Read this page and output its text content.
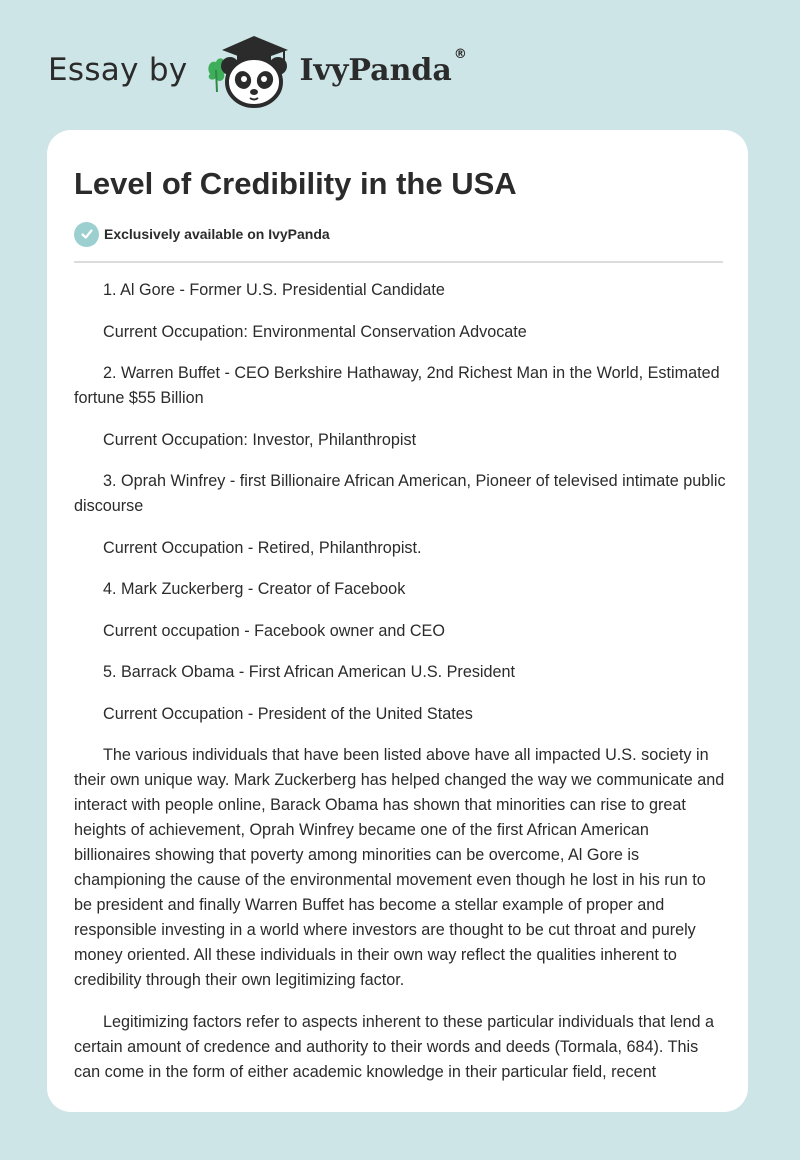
Essay by	IvyPanda ®
Level of Credibility in the USA
Exclusively available on IvyPanda

1. Al Gore - Former U.S. Presidential Candidate

Current Occupation: Environmental Conservation Advocate

2. Warren Buffet - CEO Berkshire Hathaway, 2nd Richest Man in the World, Estimated fortune $55 Billion

Current Occupation: Investor, Philanthropist

3. Oprah Winfrey - first Billionaire African American, Pioneer of televised intimate public discourse

Current Occupation - Retired, Philanthropist.

4. Mark Zuckerberg - Creator of Facebook

Current occupation - Facebook owner and CEO

5. Barrack Obama - First African American U.S. President

Current Occupation - President of the United States

The various individuals that have been listed above have all impacted U.S. society in their own unique way. Mark Zuckerberg has helped changed the way we communicate and interact with people online, Barack Obama has shown that minorities can rise to great heights of achievement, Oprah Winfrey became one of the first African American billionaires showing that poverty among minorities can be overcome, Al Gore is championing the cause of the environmental movement even though he lost in his run to be president and finally Warren Buffet has become a stellar example of proper and responsible investing in a world where investors are thought to be cut throat and purely money oriented. All these individuals in their own way reflect the qualities inherent to credibility through their own legitimizing factor.

Legitimizing factors refer to aspects inherent to these particular individuals that lend a certain amount of credence and authority to their words and deeds (Tormala, 684). This can come in the form of either academic knowledge in their particular field, recent
